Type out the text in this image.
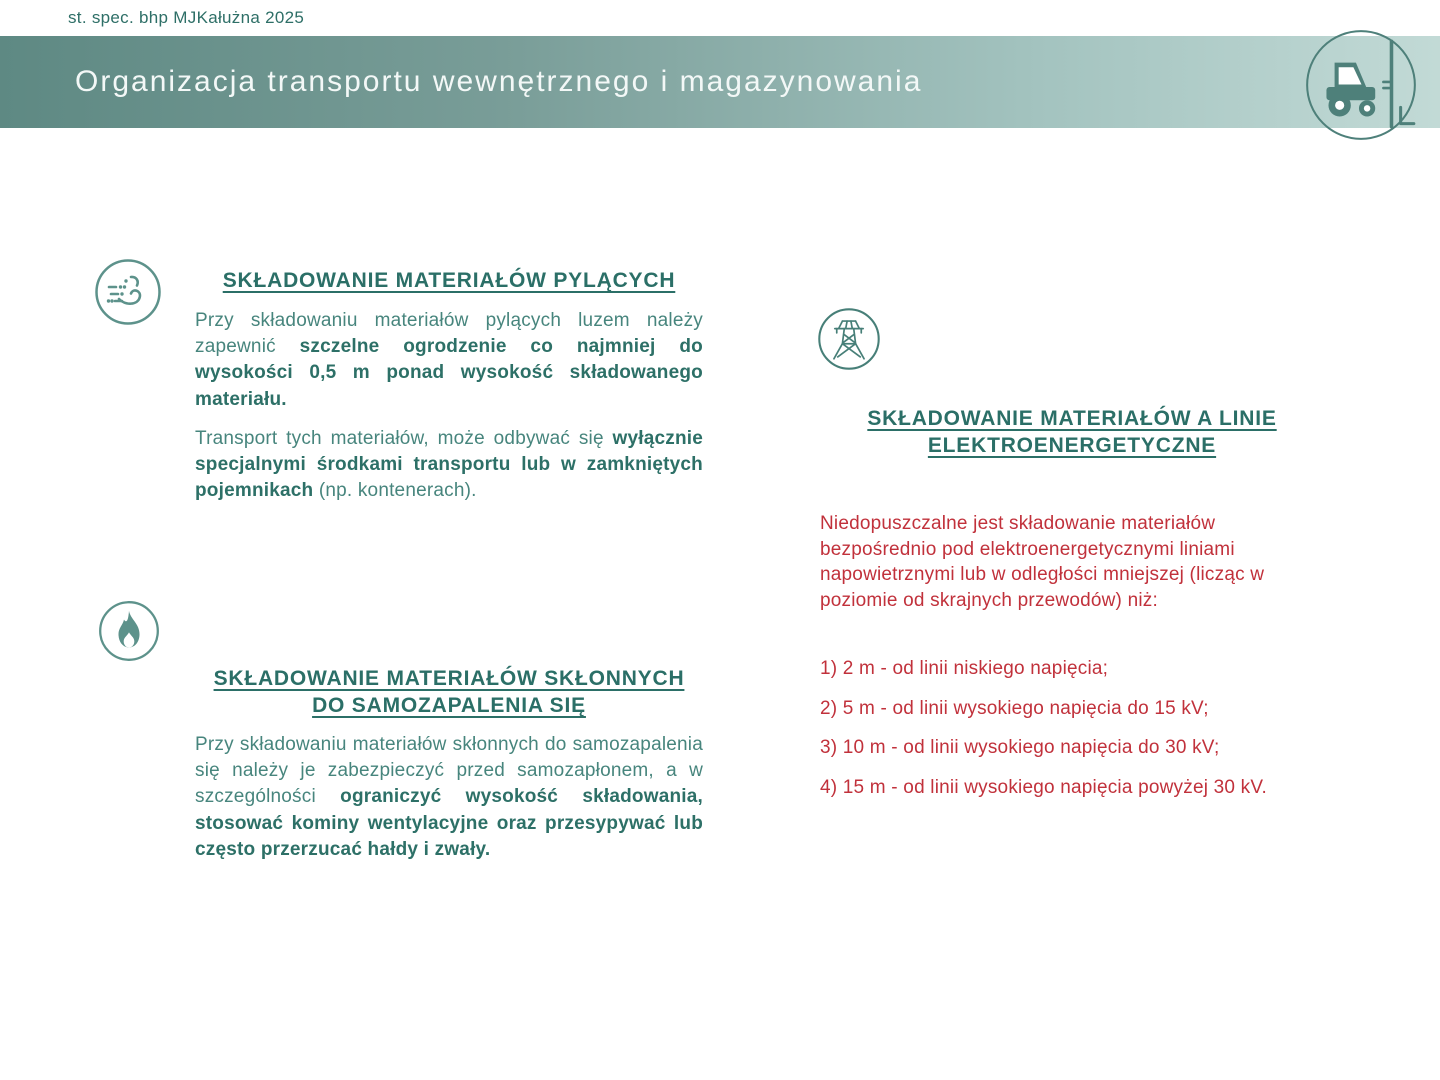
st. spec. bhp MJKałużna 2025
Organizacja transportu wewnętrznego i magazynowania
SKŁADOWANIE MATERIAŁÓW PYLĄCYCH
Przy składowaniu materiałów pylących luzem należy zapewnić szczelne ogrodzenie co najmniej do wysokości 0,5 m ponad wysokość składowanego materiału.
Transport tych materiałów, może odbywać się wyłącznie specjalnymi środkami transportu lub w zamkniętych pojemnikach (np. kontenerach).
SKŁADOWANIE MATERIAŁÓW SKŁONNYCH
DO SAMOZAPALENIA SIĘ
Przy składowaniu materiałów skłonnych do samozapalenia się należy je zabezpieczyć przed samozapłonem, a w szczególności ograniczyć wysokość składowania, stosować kominy wentylacyjne oraz przesypywać lub często przerzucać hałdy i zwały.
SKŁADOWANIE MATERIAŁÓW A LINIE
ELEKTROENERGETYCZNE
Niedopuszczalne jest składowanie materiałów bezpośrednio pod elektroenergetycznymi liniami napowietrznymi lub w odległości mniejszej (licząc w poziomie od skrajnych przewodów) niż:
1) 2 m - od linii niskiego napięcia;
2) 5 m - od linii wysokiego napięcia do 15 kV;
3) 10 m - od linii wysokiego napięcia do 30 kV;
4) 15 m - od linii wysokiego napięcia powyżej 30 kV.
